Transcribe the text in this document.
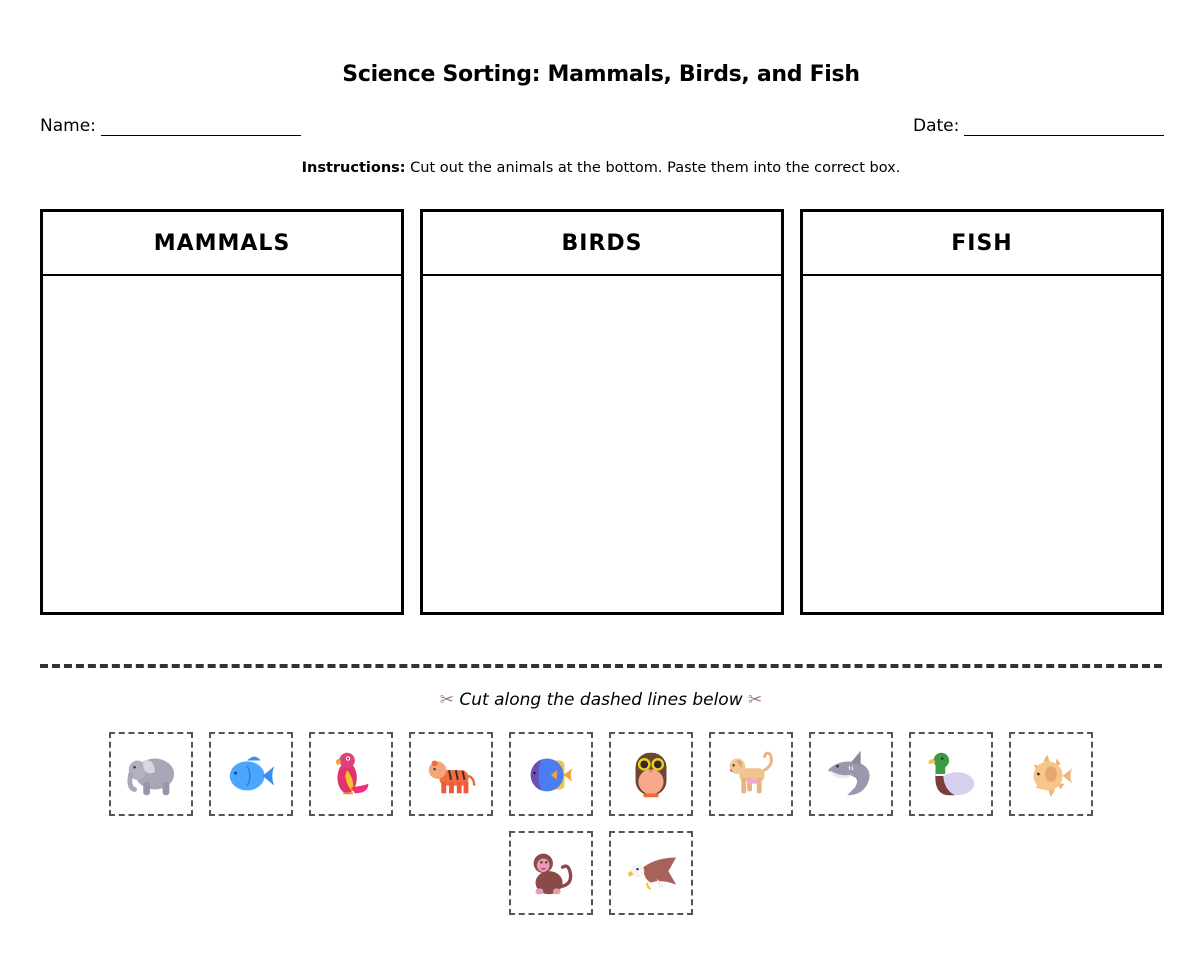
Science Sorting: Mammals, Birds, and Fish
Name:	Date:
Instructions: Cut out the animals at the bottom. Paste them into the correct box.
MAMMALS	BIRDS	FISH
✂ Cut along the dashed lines below ✂
